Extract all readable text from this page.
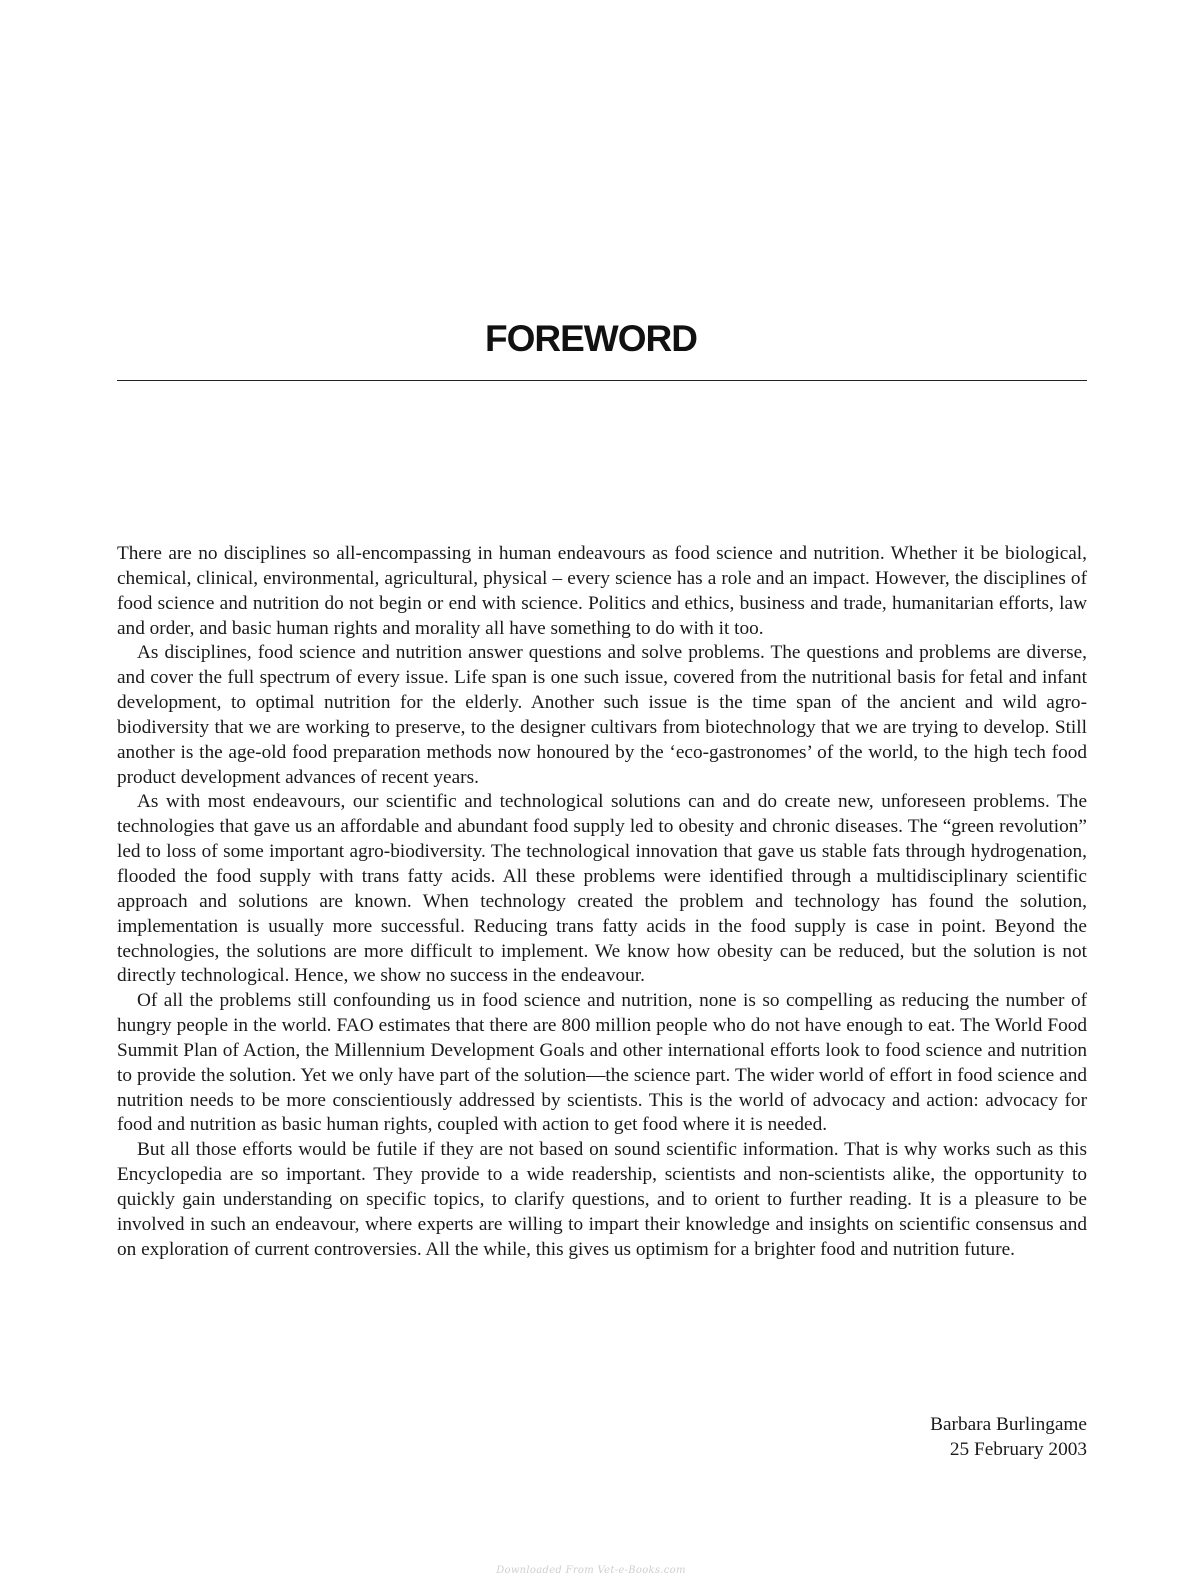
FOREWORD

There are no disciplines so all-encompassing in human endeavours as food science and nutrition. Whether it be biological, chemical, clinical, environmental, agricultural, physical – every science has a role and an impact. However, the disciplines of food science and nutrition do not begin or end with science. Politics and ethics, business and trade, humanitarian efforts, law and order, and basic human rights and morality all have something to do with it too.

As disciplines, food science and nutrition answer questions and solve problems. The questions and problems are diverse, and cover the full spectrum of every issue. Life span is one such issue, covered from the nutritional basis for fetal and infant development, to optimal nutrition for the elderly. Another such issue is the time span of the ancient and wild agro-biodiversity that we are working to preserve, to the designer cultivars from biotechnology that we are trying to develop. Still another is the age-old food preparation methods now honoured by the ‘eco-gastronomes’ of the world, to the high tech food product development advances of recent years.

As with most endeavours, our scientific and technological solutions can and do create new, unforeseen problems. The technologies that gave us an affordable and abundant food supply led to obesity and chronic diseases. The “green revolution” led to loss of some important agro-biodiversity. The technological innovation that gave us stable fats through hydrogenation, flooded the food supply with trans fatty acids. All these problems were identified through a multidisciplinary scientific approach and solutions are known. When technology created the problem and technology has found the solution, implementation is usually more successful. Reducing trans fatty acids in the food supply is case in point. Beyond the technologies, the solutions are more difficult to implement. We know how obesity can be reduced, but the solution is not directly technological. Hence, we show no success in the endeavour.

Of all the problems still confounding us in food science and nutrition, none is so compelling as reducing the number of hungry people in the world. FAO estimates that there are 800 million people who do not have enough to eat. The World Food Summit Plan of Action, the Millennium Development Goals and other international efforts look to food science and nutrition to provide the solution. Yet we only have part of the solution—the science part. The wider world of effort in food science and nutrition needs to be more conscientiously addressed by scientists. This is the world of advocacy and action: advocacy for food and nutrition as basic human rights, coupled with action to get food where it is needed.

But all those efforts would be futile if they are not based on sound scientific information. That is why works such as this Encyclopedia are so important. They provide to a wide readership, scientists and non-scientists alike, the opportunity to quickly gain understanding on specific topics, to clarify questions, and to orient to further reading. It is a pleasure to be involved in such an endeavour, where experts are willing to impart their knowledge and insights on scientific consensus and on exploration of current controversies. All the while, this gives us optimism for a brighter food and nutrition future.

Barbara Burlingame
25 February 2003
Downloaded From Vet-e-Books.com
